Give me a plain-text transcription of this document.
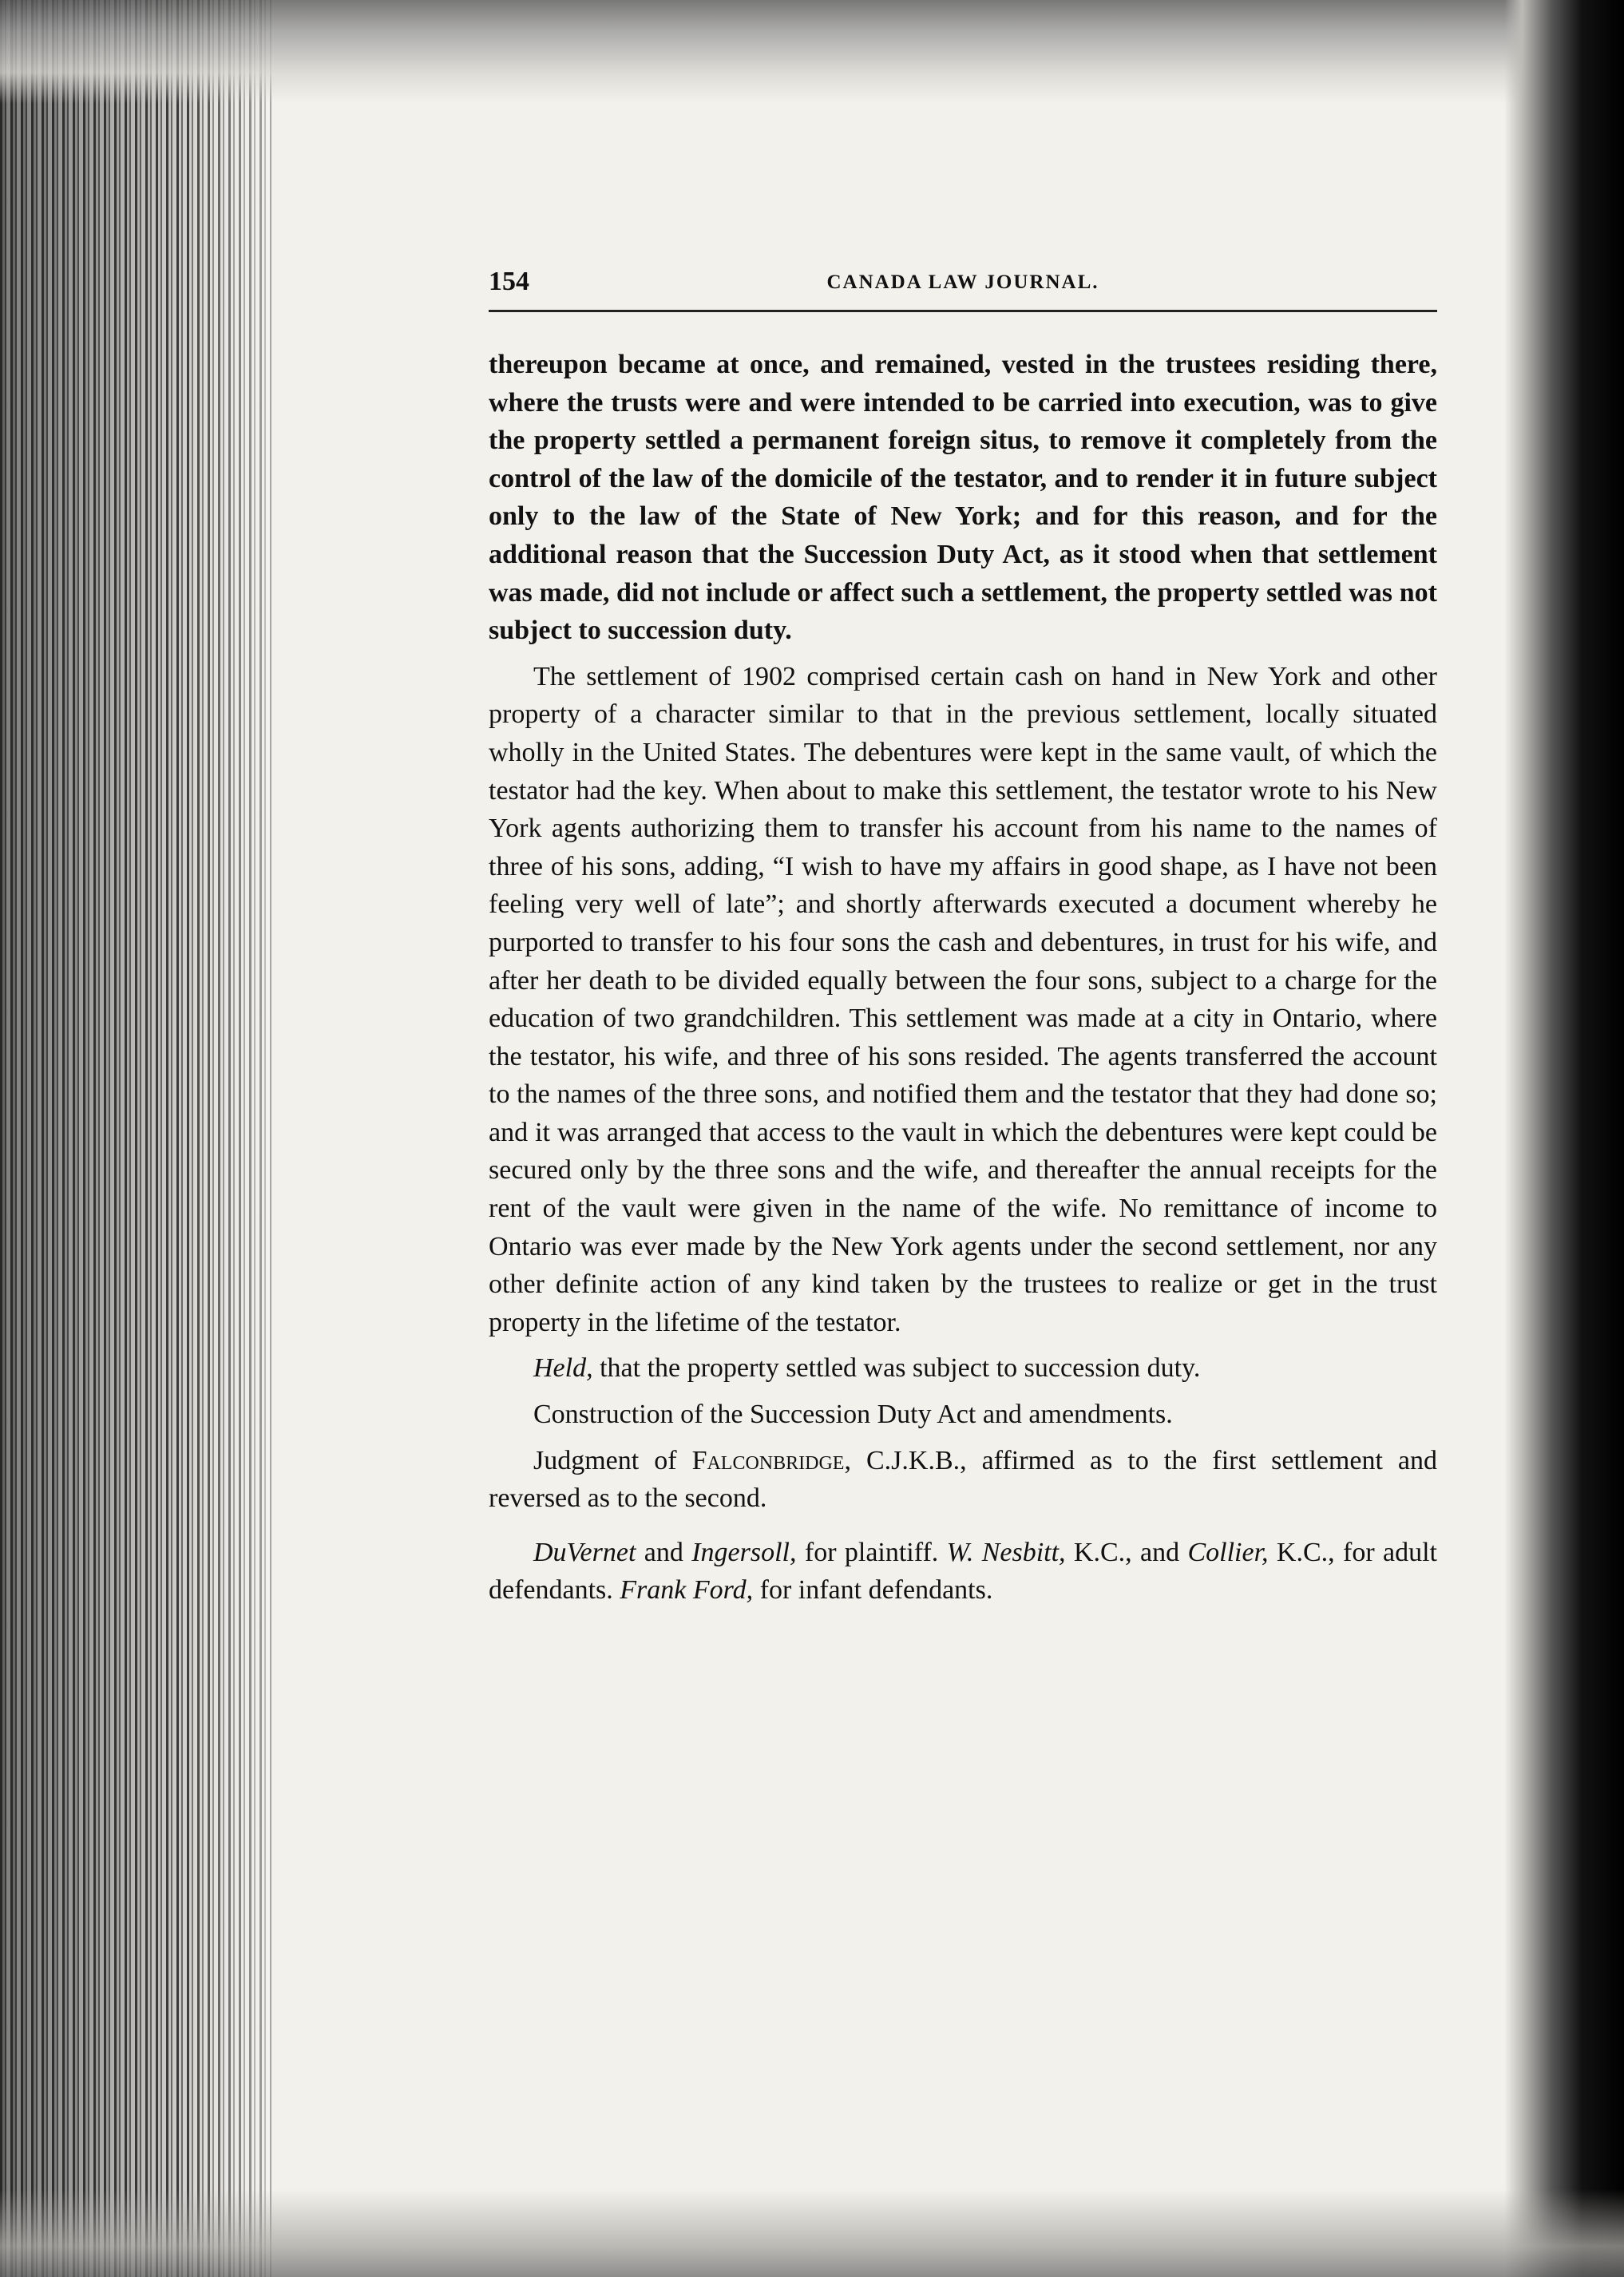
154	CANADA LAW JOURNAL.

thereupon became at once, and remained, vested in the trustees residing there, where the trusts were and were intended to be carried into execution, was to give the property settled a permanent foreign situs, to remove it completely from the control of the law of the domicile of the testator, and to render it in future subject only to the law of the State of New York; and for this reason, and for the additional reason that the Succession Duty Act, as it stood when that settlement was made, did not include or affect such a settlement, the property settled was not subject to succession duty.

The settlement of 1902 comprised certain cash on hand in New York and other property of a character similar to that in the previous settlement, locally situated wholly in the United States. The debentures were kept in the same vault, of which the testator had the key. When about to make this settlement, the testator wrote to his New York agents authorizing them to transfer his account from his name to the names of three of his sons, adding, “I wish to have my affairs in good shape, as I have not been feeling very well of late”; and shortly afterwards executed a document whereby he purported to transfer to his four sons the cash and debentures, in trust for his wife, and after her death to be divided equally between the four sons, subject to a charge for the education of two grandchildren. This settlement was made at a city in Ontario, where the testator, his wife, and three of his sons resided. The agents transferred the account to the names of the three sons, and notified them and the testator that they had done so; and it was arranged that access to the vault in which the debentures were kept could be secured only by the three sons and the wife, and thereafter the annual receipts for the rent of the vault were given in the name of the wife. No remittance of income to Ontario was ever made by the New York agents under the second settlement, nor any other definite action of any kind taken by the trustees to realize or get in the trust property in the lifetime of the testator.

Held, that the property settled was subject to succession duty.

Construction of the Succession Duty Act and amendments.

Judgment of Falconbridge, C.J.K.B., affirmed as to the first settlement and reversed as to the second.

DuVernet and Ingersoll, for plaintiff. W. Nesbitt, K.C., and Collier, K.C., for adult defendants. Frank Ford, for infant defendants.
